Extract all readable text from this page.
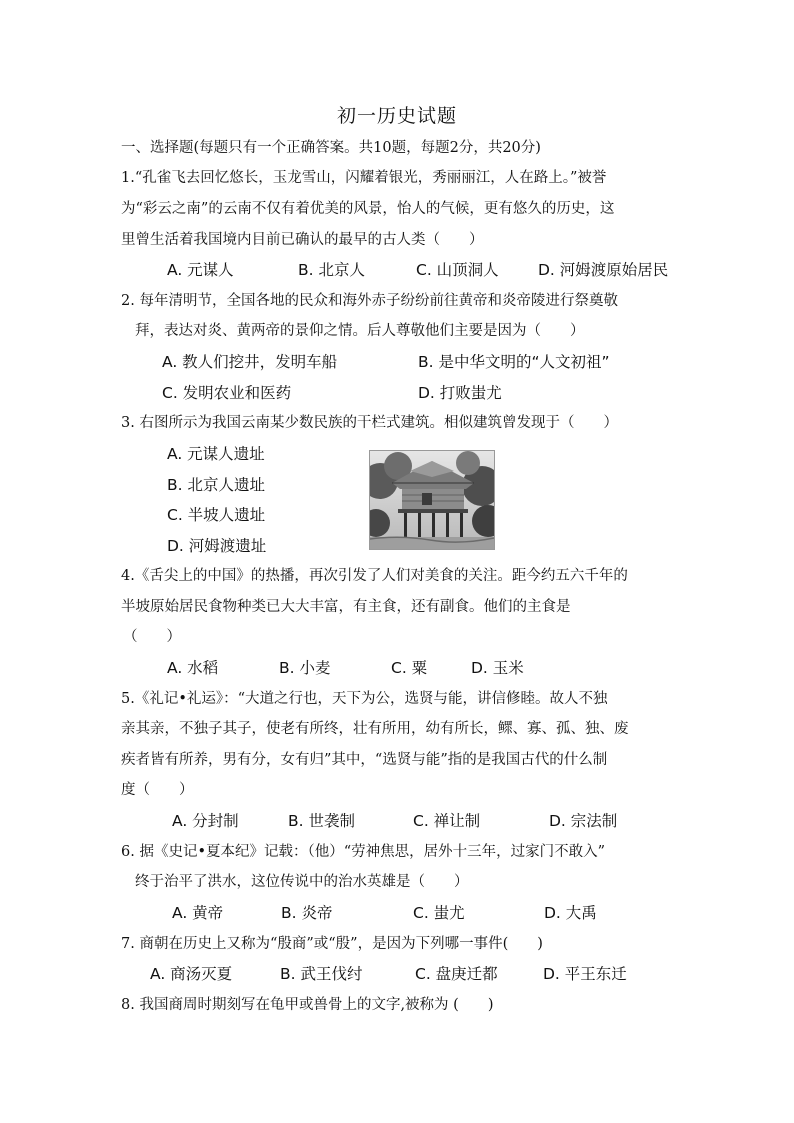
初一历史试题
一、选择题(每题只有一个正确答案。共10题，每题2分，共20分)
1.“孔雀飞去回忆悠长，玉龙雪山，闪耀着银光，秀丽丽江，人在路上。”被誉
为“彩云之南”的云南不仅有着优美的风景，怡人的气候，更有悠久的历史，这
里曾生活着我国境内目前已确认的最早的古人类（　　）
A. 元谋人	B. 北京人	C. 山顶洞人	D. 河姆渡原始居民
2. 每年清明节，全国各地的民众和海外赤子纷纷前往黄帝和炎帝陵进行祭奠敬
拜，表达对炎、黄两帝的景仰之情。后人尊敬他们主要是因为（　　）
A. 教人们挖井，发明车船	B. 是中华文明的“人文初祖”
C. 发明农业和医药	D. 打败蚩尤
3. 右图所示为我国云南某少数民族的干栏式建筑。相似建筑曾发现于（　　）
A. 元谋人遗址
B. 北京人遗址
C. 半坡人遗址
D. 河姆渡遗址
4.《舌尖上的中国》的热播，再次引发了人们对美食的关注。距今约五六千年的
半坡原始居民食物种类已大大丰富，有主食，还有副食。他们的主食是
（　　）
A. 水稻	B. 小麦	C. 粟	D. 玉米
5.《礼记•礼运》：“大道之行也，天下为公，选贤与能，讲信修睦。故人不独
亲其亲，不独子其子，使老有所终，壮有所用，幼有所长，鳏、寡、孤、独、废
疾者皆有所养，男有分，女有归”其中，“选贤与能”指的是我国古代的什么制
度（　　）
A. 分封制	B. 世袭制	C. 禅让制	D. 宗法制
6. 据《史记•夏本纪》记载：（他）“劳神焦思，居外十三年，过家门不敢入”
终于治平了洪水，这位传说中的治水英雄是（　　）
A. 黄帝	B. 炎帝	C. 蚩尤	D. 大禹
7. 商朝在历史上又称为“殷商”或“殷”，是因为下列哪一事件(　　)
A. 商汤灭夏	B. 武王伐纣	C. 盘庚迁都	D. 平王东迁
8. 我国商周时期刻写在龟甲或兽骨上的文字,被称为 (　　)
